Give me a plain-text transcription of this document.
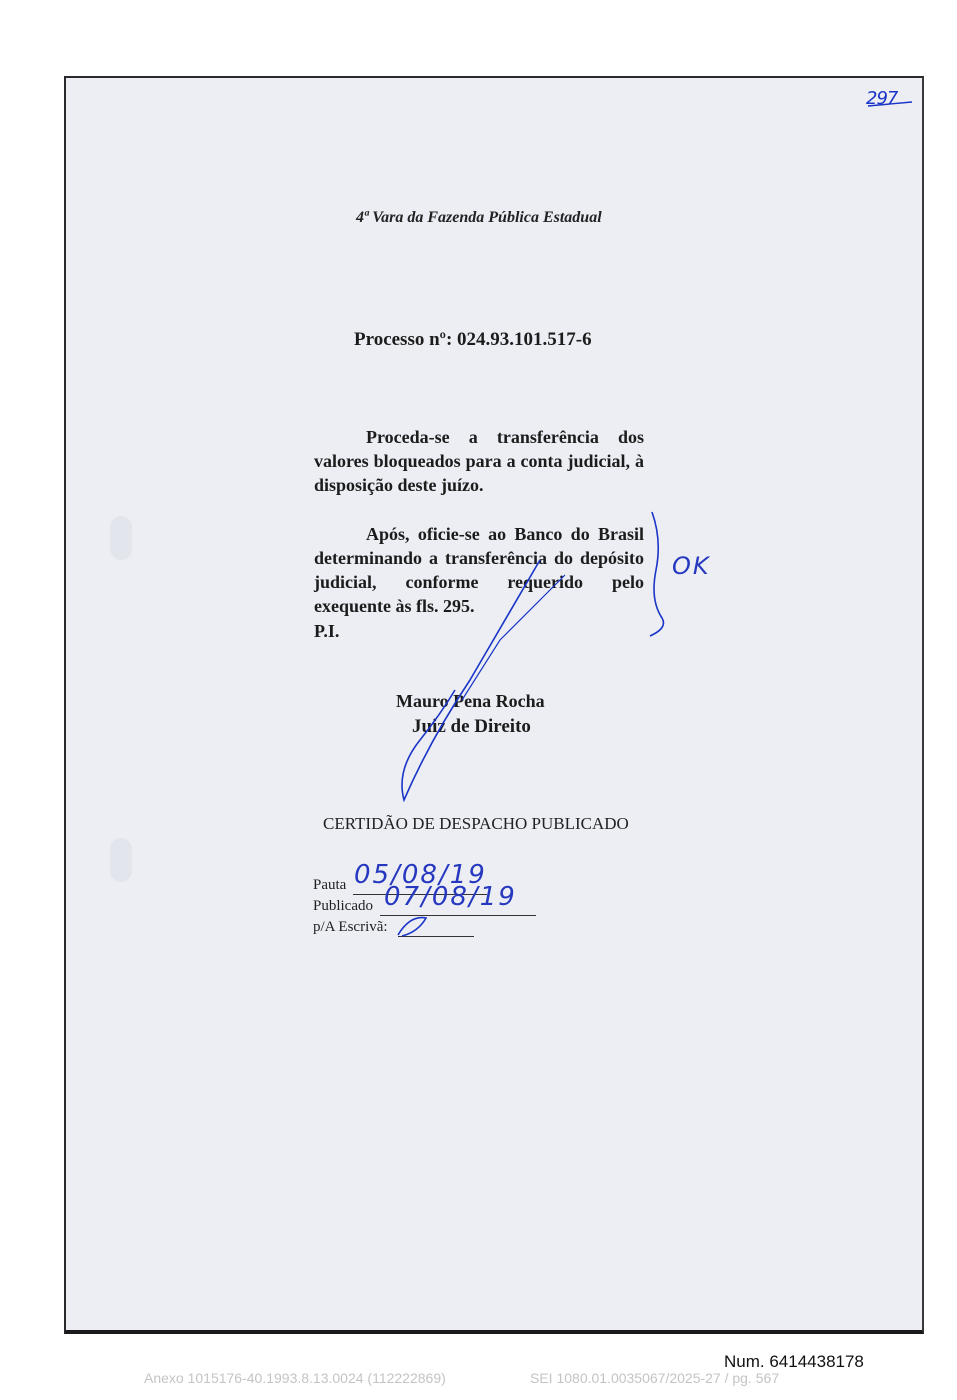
297
4ª Vara da Fazenda Pública Estadual
Processo nº: 024.93.101.517-6

Proceda-se a transferência dos valores bloqueados para a conta judicial, à disposição deste juízo.

Após, oficie-se ao Banco do Brasil determinando a transferência do depósito judicial, conforme requerido pelo exequente às fls. 295.

P.I.
Mauro Pena Rocha
Juiz de Direito
CERTIDÃO DE DESPACHO PUBLICADO
Pauta 05/08/19
Publicado 07/08/19
p/A Escrivã:
OK
Num. 6414438178
Anexo 1015176-40.1993.8.13.0024 (112222869)	SEI 1080.01.0035067/2025-27 / pg. 567
